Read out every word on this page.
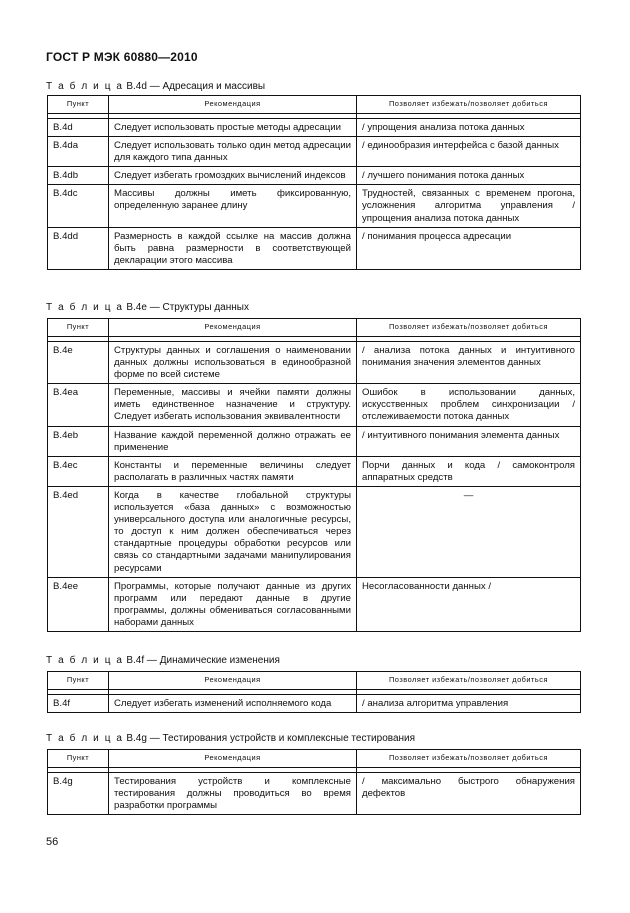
ГОСТ Р МЭК 60880—2010
Т а б л и ц а В.4d — Адресация и массивы
Пункт	Рекомендация	Позволяет избежать/позволяет добиться

В.4d	Следует использовать простые методы адресации	/ упрощения анализа потока данных
В.4da	Следует использовать только один метод адресации для каждого типа данных	/ единообразия интерфейса с базой данных
В.4db	Следует избегать громоздких вычислений индексов	/ лучшего понимания потока данных
В.4dc	Массивы должны иметь фиксированную, определенную заранее длину	Трудностей, связанных с временем прогона, усложнения алгоритма управления / упрощения анализа потока данных
В.4dd	Размерность в каждой ссылке на массив должна быть равна размерности в соответствующей декларации этого массива	/ понимания процесса адресации
Т а б л и ц а В.4е — Структуры данных
Пункт	Рекомендация	Позволяет избежать/позволяет добиться

В.4е	Структуры данных и соглашения о наименовании данных должны использоваться в единообразной форме по всей системе	/ анализа потока данных и интуитивного понимания значения элементов данных
В.4еа	Переменные, массивы и ячейки памяти должны иметь единственное назначение и структуру. Следует избегать использования эквивалентности	Ошибок в использовании данных, искусственных проблем синхронизации / отслеживаемости потока данных
В.4еb	Название каждой переменной должно отражать ее применение	/ интуитивного понимания элемента данных
В.4еc	Константы и переменные величины следует располагать в различных частях памяти	Порчи данных и кода / самоконтроля аппаратных средств
В.4еd	Когда в качестве глобальной структуры используется «база данных» с возможностью универсального доступа или аналогичные ресурсы, то доступ к ним должен обеспечиваться через стандартные процедуры обработки ресурсов или связь со стандартными задачами манипулирования ресурсами	—
В.4ее	Программы, которые получают данные из других программ или передают данные в другие программы, должны обмениваться согласованными наборами данных	Несогласованности данных /
Т а б л и ц а В.4f — Динамические изменения
Пункт	Рекомендация	Позволяет избежать/позволяет добиться

В.4f	Следует избегать изменений исполняемого кода	/ анализа алгоритма управления
Т а б л и ц а В.4g — Тестирования устройств и комплексные тестирования
Пункт	Рекомендация	Позволяет избежать/позволяет добиться

В.4g	Тестирования устройств и комплексные тестирования должны проводиться во время разработки программы	/ максимально быстрого обнаружения дефектов
56
